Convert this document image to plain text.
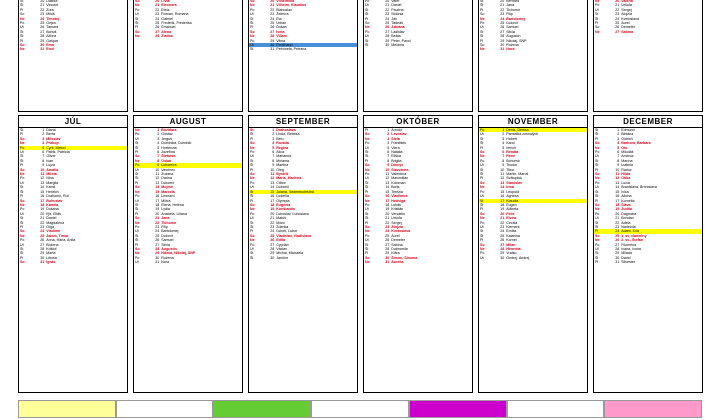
St	20	Dalibor
Št	21	Vincent
Pi	22	Zora
So	23	Miloš
Ne	24	Timotej
Po	25	Gejza
Ut	26	Tamara
St	27	Bohuš
Št	28	Alfonz
Pi	29	Gašpar
So	30	Ema
Ne	31	Emil
So	20	Lívia
Ne	21	Eleonóra
Po	22	Etela
Ut	23	Roman, Romana
St	24	Gabriel
Št	25	Frederik, Frederika
Pi	26	Emanuel
So	27	Alena
Ne	28	Zlatica
So	20	Vilhelmína
Ne	21	Vilhelm, Klaudius
Po	22	Blahoslav
Ut	23	Želmíra
St	24	Ela
Št	25	Urban
Pi	26	Dušan
So	27	Iveta
Ne	28	Viliam
Po	29	Vilma
Ut	30	Ferdinand
St	31	Petronela, Petrana
Po	20	Valér
Ut	21	Daniel
St	22	Paulína
Št	23	Sidónia
Pi	24	Ján
So	25	Tadeáš
Ne	26	Adriána
Po	27	Ladislav
Ut	28	Beáta
St	29	Peter, Pavol
Št	30	Melánia
St	20	Bernard
Št	21	Jana
Pi	22	Tichomír
So	23	Filip
Ne	24	Bartolomej
Po	25	Ľudovít
Ut	26	Samuel
St	27	Silvia
Št	28	Augustín
Pi	29	Nikolaj, SNP
So	30	Ružena
Ne	31	Nora
Ne	20	Valéria
Po	21	Uršuľa
Ut	22	Sergej
St	23	Alojzia
Št	24	Kvetoslava
Pi	25	Aurel
So	26	Demeter
Ne	27	Sabína
JÚL
Št	1	Diana
Pi	2	Berta
So	3	Miloslav
Ne	4	Prokop
Po	5	Cyril, Metod
Ut	6	Patrik, Patrícia
St	7	Oliver
Št	8	Ivan
Pi	9	Lujza
So	10	Amália
Ne	11	Milota
Po	12	Nina
Ut	13	Margita
St	14	Kamil
Št	15	Henrich
Pi	16	Drahomír, Rút
So	17	Bohuslav
Ne	18	Kamila
Po	19	Dušana
Ut	20	Iľja, Eliáš
St	21	Daniel
Št	22	Magdaléna
Pi	23	Oľga
So	24	Vladimír
Ne	25	Jakub, Timur
Po	26	Anna, Hana, Anita
Ut	27	Božena
St	28	Krištof
Št	29	Marta
Pi	30	Libuša
So	31	Ignác
AUGUST
Ne	1	Božidara
Po	2	Gustáv
Ut	3	Jerguš
St	4	Dominika, Dominik
Št	5	Hortenzia
Pi	6	Jozefína
So	7	Štefánia
Ne	8	Oskar
Po	9	Ľubomíra
Ut	10	Vavrinec
St	11	Zuzana
Št	12	Darina
Pi	13	Ľubomír
So	14	Mojmír
Ne	15	Marcela
Po	16	Leonard
Ut	17	Milica
St	18	Elena, Helena
Št	19	Lýdia
Pi	20	Anabela, Liliana
So	21	Jana
Ne	22	Tichomír
Po	23	Filip
Ut	24	Bartolomej
St	25	Ľudovít
Št	26	Samuel
Pi	27	Silvia
So	28	Augustín
Ne	29	Nikola, Nikolaj, SNP
Po	30	Ružena
Ut	31	Nora
SEPTEMBER
St	1	Drahoslava
Št	2	Linda, Rebeka
Pi	3	Belo
So	4	Rozália
Ne	5	Regina
Po	6	Alica
Ut	7	Marianna
St	8	Miriama
Št	9	Martina
Pi	10	Oleg
So	11	Bystrík
Ne	12	Mária, Marlena
Po	13	Ctibor
Ut	14	Ľudomil
St	15	Jolana, Sedembolestná
Št	16	Ľudmila
Pi	17	Olympia
So	18	Eugénia
Ne	19	Konštantín
Po	20	Ľuboslav, Ľuboslava
Ut	21	Matúš
St	22	Móric
Št	23	Zdenka
Pi	24	Ľuboš, Ľubor
So	25	Vladislav, Vladislava
Ne	26	Edita
Po	27	Cyprián
Ut	28	Václav
St	29	Michal, Michaela
Št	30	Jarolím
OKTÓBER
Pi	1	Arnold
So	2	Levoslav
Ne	3	Stela
Po	4	František
Ut	5	Viera
St	6	Natália
Št	7	Eliška
Pi	8	Brigita
So	9	Dionýz
Ne	10	Slavomíra
Po	11	Valentína
Ut	12	Maximilián
St	13	Koloman
Št	14	Boris
Pi	15	Terézia
So	16	Vladimíra
Ne	17	Hedviga
Po	18	Lukáš
Ut	19	Kristián
St	20	Vendelín
Št	21	Uršuľa
Pi	22	Sergej
So	23	Alojzia
Ne	24	Kvetoslava
Po	25	Aurel
Ut	26	Demeter
St	27	Sabína
Št	28	Dobromila
Pi	29	Klára
So	30	Šimon, Simona
Ne	31	Aurélia
NOVEMBER
Po	1	Denis, Denisa
Ut	2	Pamiatka zosnulých
St	3	Hubert
Št	4	Karol
Pi	5	Imrich
So	6	Renáta
Ne	7	René
Po	8	Bohumír
Ut	9	Teodor
St	10	Tibor
Št	11	Martin, Maroš
Pi	12	Svätopluk
So	13	Stanislav
Ne	14	Irma
Po	15	Leopold
Ut	16	Agnesa
St	17	Klaudia
Št	18	Eugen
Pi	19	Alžbeta
So	20	Félix
Ne	21	Elvíra
Po	22	Cecília
Ut	23	Klement
St	24	Emília
Št	25	Katarína
Pi	26	Kornel
So	27	Milan
Ne	28	Henrieta
Po	29	Vratko
Ut	30	Ondrej, Andrej
DECEMBER
St	1	Edmund
Št	2	Bibiána
Pi	3	Oldrich
So	4	Barbora, Barbara
Ne	5	Oto
Po	6	Mikuláš
Ut	7	Ambróz
St	8	Marína
Št	9	Izabela
Pi	10	Radúz
So	11	Hilda
Ne	12	Otília
Po	13	Lucia
Ut	14	Branislava, Bronislava
St	15	Ivica
Št	16	Albína
Pi	17	Kornélia
So	18	Sláva
Ne	19	Judita
Po	20	Dagmara
Ut	21	Bohdan
St	22	Adela
Št	23	Nadežda
Pi	24	Adam, Eva
So	25	1. sv. vianočný
Ne	26	2. sv., Štefan
Po	27	Filoména
Ut	28	Ivana, Ivona
St	29	Milada
Št	30	Dávid
Pi	31	Silvester
